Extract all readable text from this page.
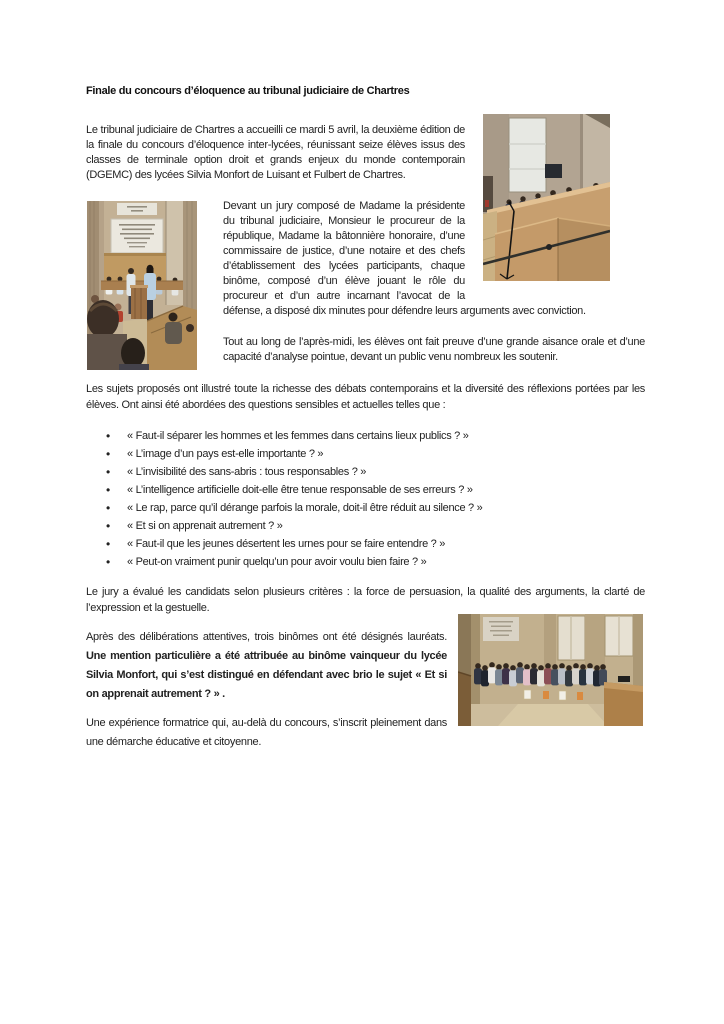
Finale du concours d’éloquence au tribunal judiciaire de Chartres

Le tribunal judiciaire de Chartres a accueilli ce mardi 5 avril, la deuxième édition de la finale du concours d’éloquence inter-lycées, réunissant seize élèves issus des classes de terminale option droit et grands enjeux du monde contemporain (DGEMC) des lycées Silvia Monfort de Luisant et Fulbert de Chartres.

Devant un jury composé de Madame la présidente du tribunal judiciaire, Monsieur le procureur de la république, Madame la bâtonnière honoraire, d’une commissaire de justice, d’une notaire et des chefs d’établissement des lycées participants, chaque binôme, composé d’un élève jouant le rôle du procureur et d’un autre incarnant l’avocat de la défense, a disposé dix minutes pour défendre leurs arguments avec conviction.

Tout au long de l’après-midi, les élèves ont fait preuve d’une grande aisance orale et d’une capacité d’analyse pointue, devant un public venu nombreux les soutenir.

Les sujets proposés ont illustré toute la richesse des débats contemporains et la diversité des réflexions portées par les élèves. Ont ainsi été abordées des questions sensibles et actuelles telles que :

• « Faut-il séparer les hommes et les femmes dans certains lieux publics ? »
• « L’image d’un pays est-elle importante ? »
• « L’invisibilité des sans-abris : tous responsables ? »
• « L’intelligence artificielle doit-elle être tenue responsable de ses erreurs ? »
• « Le rap, parce qu’il dérange parfois la morale, doit-il être réduit au silence ? »
• « Et si on apprenait autrement ? »
• « Faut-il que les jeunes désertent les urnes pour se faire entendre ? »
• « Peut-on vraiment punir quelqu’un pour avoir voulu bien faire ? »

Le jury a évalué les candidats selon plusieurs critères : la force de persuasion, la qualité des arguments, la clarté de l’expression et la gestuelle.

Après des délibérations attentives, trois binômes ont été désignés lauréats. Une mention particulière a été attribuée au binôme vainqueur du lycée Silvia Monfort, qui s’est distingué en défendant avec brio le sujet « Et si on apprenait autrement ? » .

Une expérience formatrice qui, au-delà du concours, s’inscrit pleinement dans une démarche éducative et citoyenne.
